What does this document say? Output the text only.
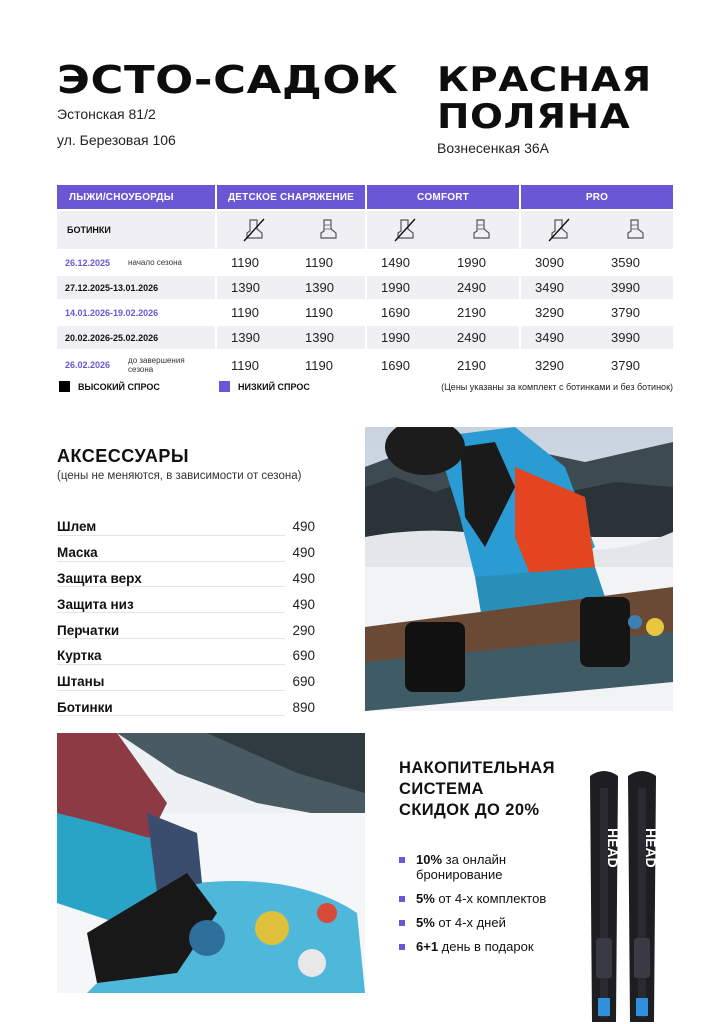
ЭСТО-САДОК
Эстонская 81/2
ул. Березовая 106
КРАСНАЯ
ПОЛЯНА
Вознесенкая 36А
ЛЫЖИ/СНОУБОРДЫ	ДЕТСКОЕ СНАРЯЖЕНИЕ	COMFORT	PRO
БОТИНКИ
26.12.2025 начало сезона	1190	1190	1490	1990	3090	3590
27.12.2025-13.01.2026	1390	1390	1990	2490	3490	3990
14.01.2026-19.02.2026	1190	1190	1690	2190	3290	3790
20.02.2026-25.02.2026	1390	1390	1990	2490	3490	3990
26.02.2026 до завершения сезона	1190	1190	1690	2190	3290	3790
ВЫСОКИЙ СПРОС	НИЗКИЙ СПРОС	(Цены указаны за комплект с ботинками и без ботинок)
АКСЕССУАРЫ
(цены не меняются, в зависимости от сезона)
Шлем	490
Маска	490
Защита верх	490
Защита низ	490
Перчатки	290
Куртка	690
Штаны	690
Ботинки	890
НАКОПИТЕЛЬНАЯ
СИСТЕМА
СКИДОК ДО 20%
10% за онлайн бронирование
5% от 4-х комплектов
5% от 4-х дней
6+1 день в подарок
HEAD HEAD
